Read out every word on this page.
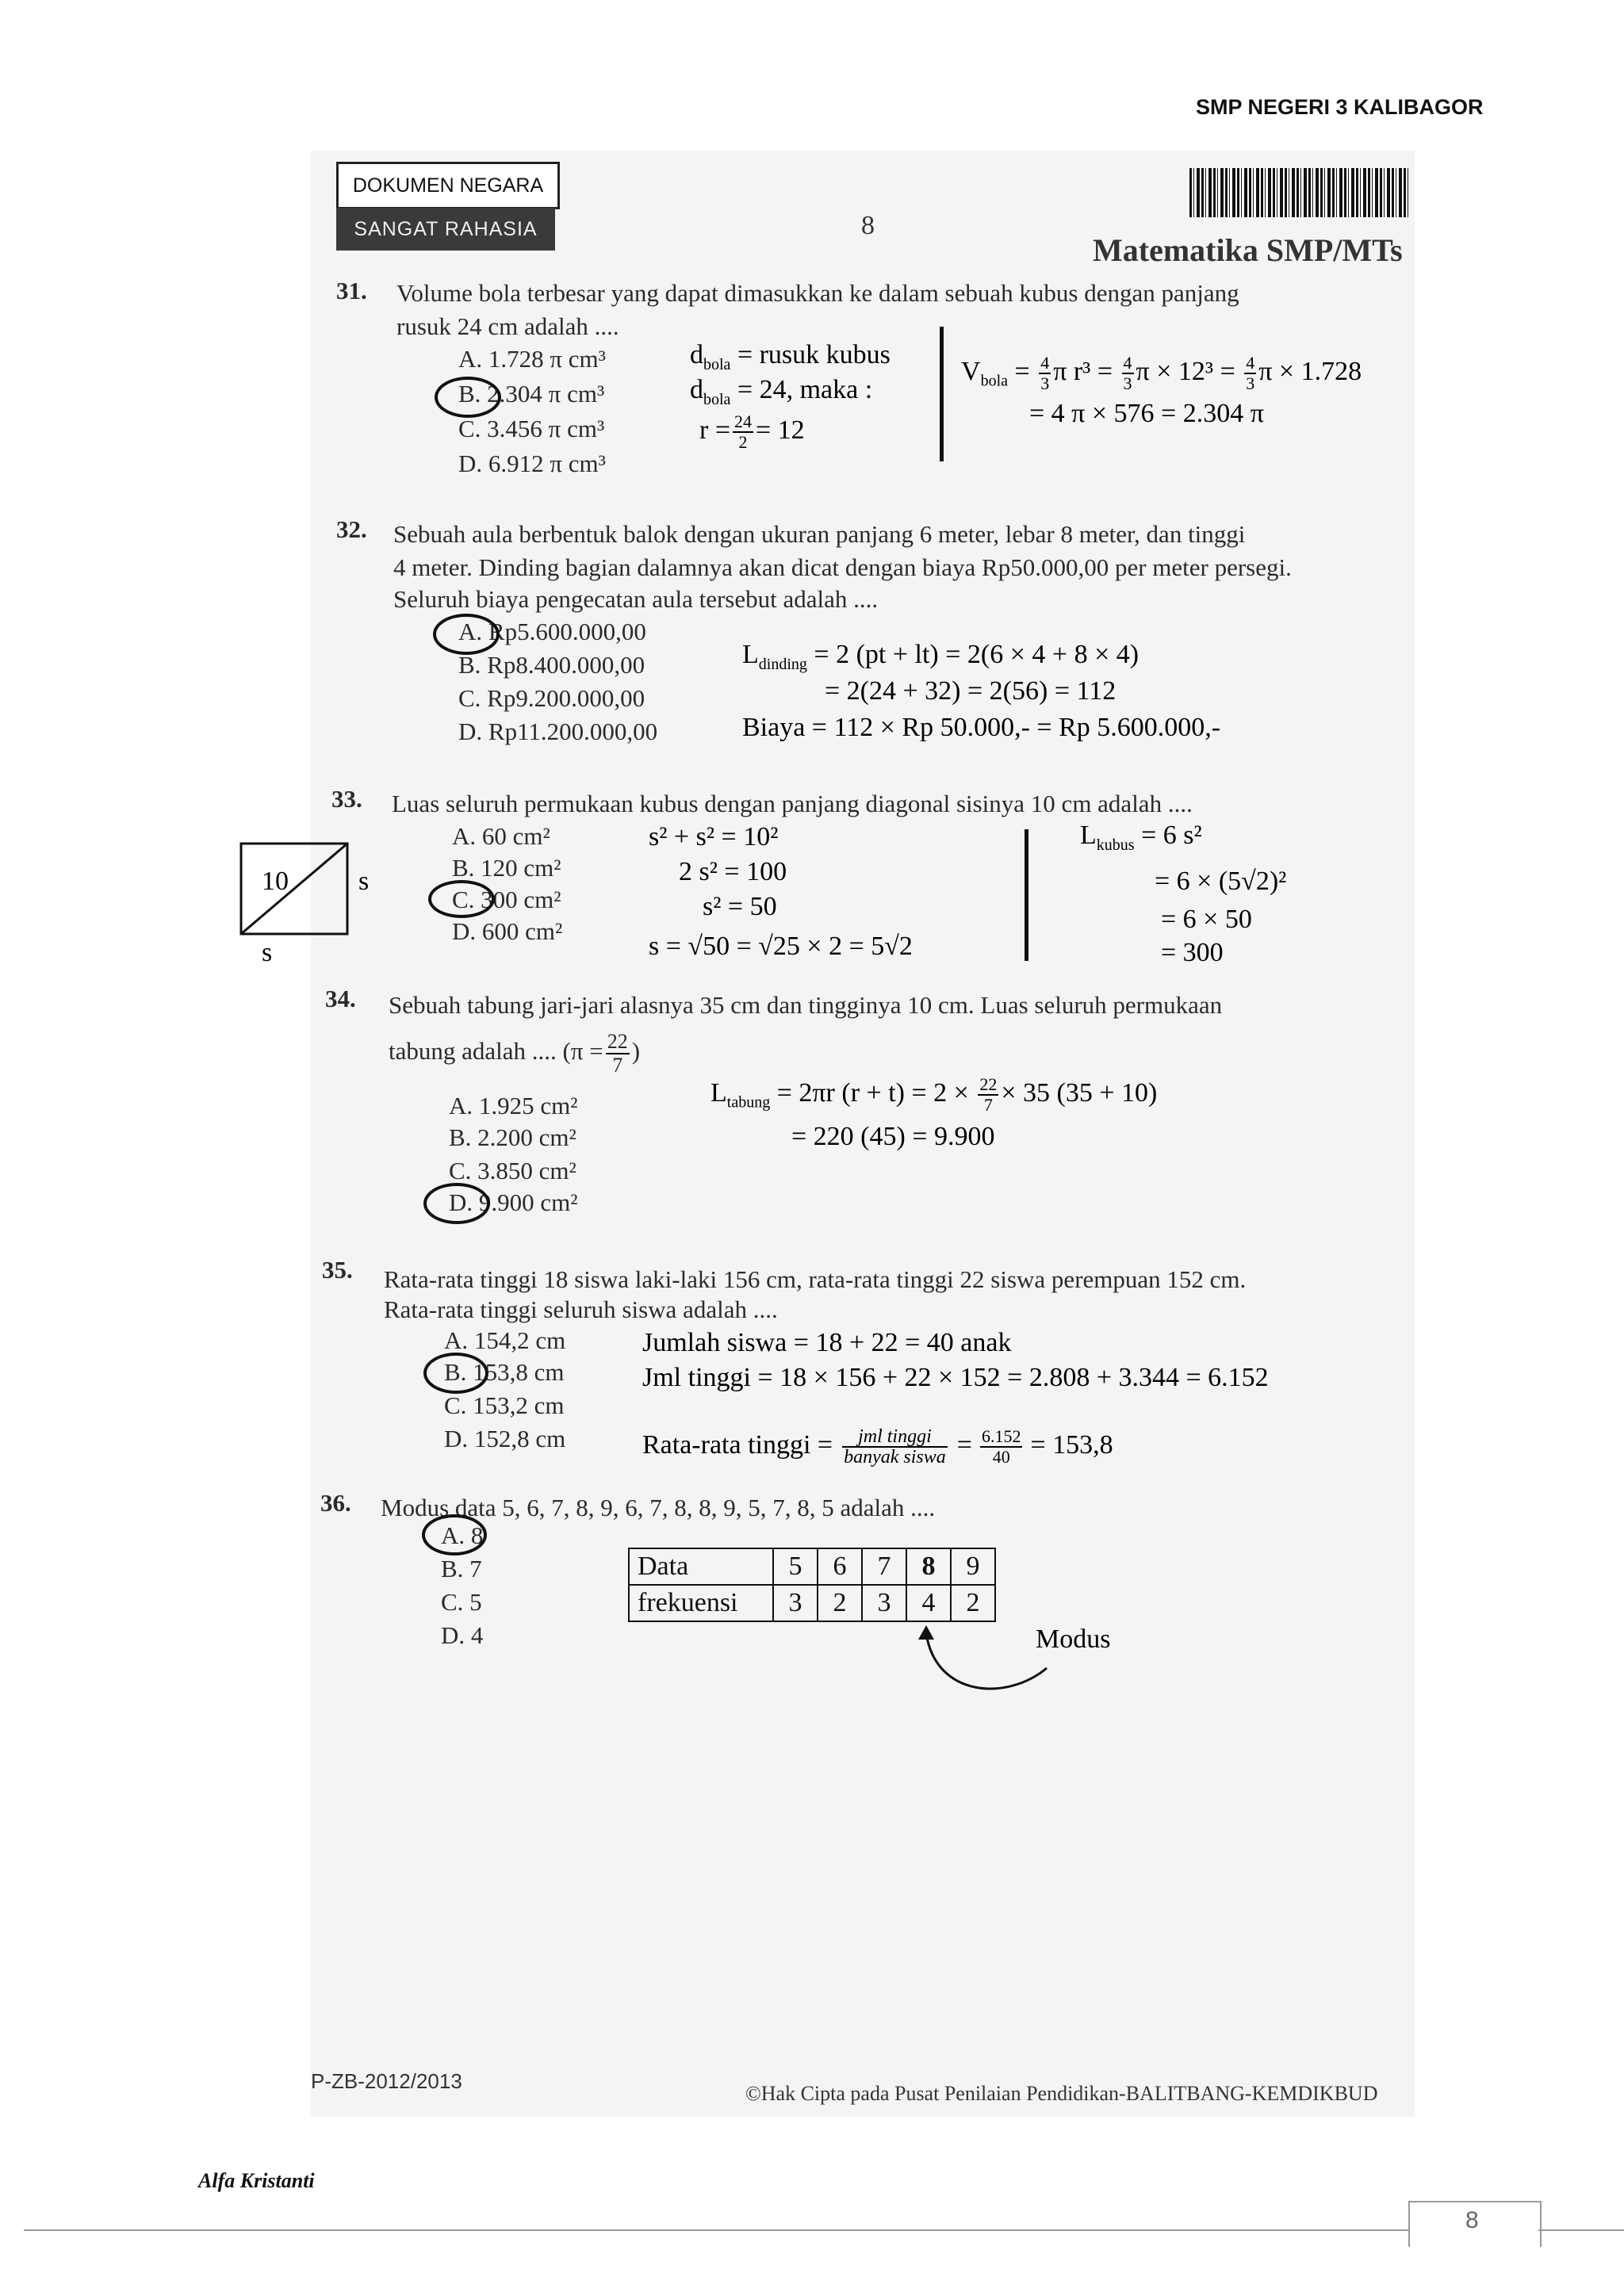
SMP NEGERI 3 KALIBAGOR
DOKUMEN NEGARA
SANGAT RAHASIA	8
Matematika SMP/MTs
31. Volume bola terbesar yang dapat dimasukkan ke dalam sebuah kubus dengan panjang
rusuk 24 cm adalah ....
A. 1.728 π cm³
B. 2.304 π cm³
C. 3.456 π cm³
D. 6.912 π cm³
$d_{bola}$ = rusuk kubus
$d_{bola} = 24$, maka :
$r = \frac{24}{2} = 12$
$V_{bola} = \frac{4}{3}$ π $r^3 = \frac{4}{3}$ $\pi \times 12^3 = \frac{4}{3}$ π × 1.728
= 4 π × 576 = 2.304 π
32. Sebuah aula berbentuk balok dengan ukuran panjang 6 meter, lebar 8 meter, dan tinggi
4 meter. Dinding bagian dalamnya akan dicat dengan biaya Rp50.000,00 per meter persegi.
Seluruh biaya pengecatan aula tersebut adalah ....
A. Rp5.600.000,00
B. Rp8.400.000,00
C. Rp9.200.000,00
D. Rp11.200.000,00
$L_{dinding} = 2$ (pt + lt) = 2(6 × 4 + 8 × 4)
= 2(24 + 32) = 2(56) = 112
Biaya = 112 × Rp 50.000,- = Rp 5.600.000,-
33. Luas seluruh permukaan kubus dengan panjang diagonal sisinya 10 cm adalah ....
A. 60 cm²
B. 120 cm²
C. 300 cm²
D. 600 cm²
10	s
s
s² + s² = 10²
2 s² = 100
s² = 50
s = √50 = √25 × 2 = 5√2
$L_{kubus} = 6$ s²
= 6 × (5√2)²
= 6 × 50
= 300
34. Sebuah tabung jari-jari alasnya 35 cm dan tingginya 10 cm. Luas seluruh permukaan
tabung adalah .... ($\pi = \frac{22}{7}$ )
A. 1.925 cm²
B. 2.200 cm²
C. 3.850 cm²
D. 9.900 cm²
$L_{tabung} = 2\pi r$ $(r + t) = 2 \times \frac{22}{7} \times 35$ (35 + 10)
= 220 (45) = 9.900
35. Rata-rata tinggi 18 siswa laki-laki 156 cm, rata-rata tinggi 22 siswa perempuan 152 cm.
Rata-rata tinggi seluruh siswa adalah ....
A. 154,2 cm
B. 153,8 cm
C. 153,2 cm
D. 152,8 cm
Jumlah siswa = 18 + 22 = 40 anak
Jml tinggi = 18 × 156 + 22 × 152 = 2.808 + 3.344 = 6.152
Rata-rata tinggi = $\frac{\text{jml tinggi}}{\text{banyak siswa}} = \frac{6.152}{40} = 153,8$
36. Modus data 5, 6, 7, 8, 9, 6, 7, 8, 8, 9, 5, 7, 8, 5 adalah ....
A. 8
B. 7
C. 5
D. 4
Data	5	6	7	8	9
frekuensi	3	2	3	4	2
Modus
P-ZB-2012/2013
©Hak Cipta pada Pusat Penilaian Pendidikan-BALITBANG-KEMDIKBUD
Alfa Kristanti
8
